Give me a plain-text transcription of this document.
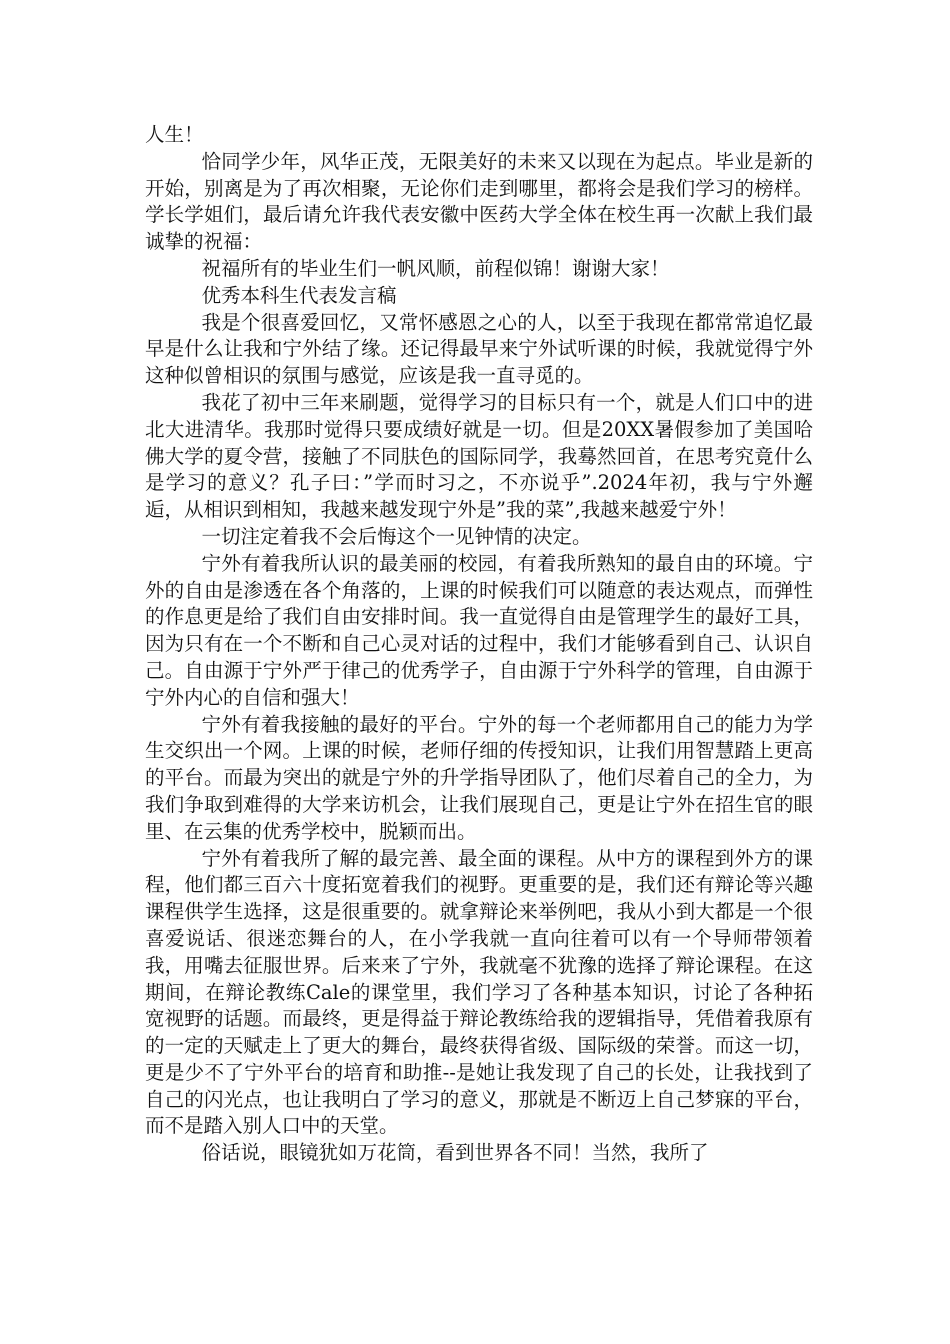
人生！

恰同学少年，风华正茂，无限美好的未来又以现在为起点。毕业是新的开始，别离是为了再次相聚，无论你们走到哪里，都将会是我们学习的榜样。学长学姐们，最后请允许我代表安徽中医药大学全体在校生再一次献上我们最诚挚的祝福：

祝福所有的毕业生们一帆风顺，前程似锦！谢谢大家！

优秀本科生代表发言稿

我是个很喜爱回忆，又常怀感恩之心的人，以至于我现在都常常追忆最早是什么让我和宁外结了缘。还记得最早来宁外试听课的时候，我就觉得宁外这种似曾相识的氛围与感觉，应该是我一直寻觅的。

我花了初中三年来刷题，觉得学习的目标只有一个，就是人们口中的进北大进清华。我那时觉得只要成绩好就是一切。但是20XX暑假参加了美国哈佛大学的夏令营，接触了不同肤色的国际同学，我蓦然回首，在思考究竟什么是学习的意义？孔子曰：”学而时习之，不亦说乎”.2024年初，我与宁外邂逅，从相识到相知，我越来越发现宁外是”我的菜”,我越来越爱宁外！

一切注定着我不会后悔这个一见钟情的决定。

宁外有着我所认识的最美丽的校园，有着我所熟知的最自由的环境。宁外的自由是渗透在各个角落的，上课的时候我们可以随意的表达观点，而弹性的作息更是给了我们自由安排时间。我一直觉得自由是管理学生的最好工具，因为只有在一个不断和自己心灵对话的过程中，我们才能够看到自己、认识自己。自由源于宁外严于律己的优秀学子，自由源于宁外科学的管理，自由源于宁外内心的自信和强大！

宁外有着我接触的最好的平台。宁外的每一个老师都用自己的能力为学生交织出一个网。上课的时候，老师仔细的传授知识，让我们用智慧踏上更高的平台。而最为突出的就是宁外的升学指导团队了，他们尽着自己的全力，为我们争取到难得的大学来访机会，让我们展现自己，更是让宁外在招生官的眼里、在云集的优秀学校中，脱颖而出。

宁外有着我所了解的最完善、最全面的课程。从中方的课程到外方的课程，他们都三百六十度拓宽着我们的视野。更重要的是，我们还有辩论等兴趣课程供学生选择，这是很重要的。就拿辩论来举例吧，我从小到大都是一个很喜爱说话、很迷恋舞台的人，在小学我就一直向往着可以有一个导师带领着我，用嘴去征服世界。后来来了宁外，我就毫不犹豫的选择了辩论课程。在这期间，在辩论教练Cale的课堂里，我们学习了各种基本知识，讨论了各种拓宽视野的话题。而最终，更是得益于辩论教练给我的逻辑指导，凭借着我原有的一定的天赋走上了更大的舞台，最终获得省级、国际级的荣誉。而这一切，更是少不了宁外平台的培育和助推--是她让我发现了自己的长处，让我找到了自己的闪光点，也让我明白了学习的意义，那就是不断迈上自己梦寐的平台，而不是踏入别人口中的天堂。

俗话说，眼镜犹如万花筒，看到世界各不同！当然，我所了
